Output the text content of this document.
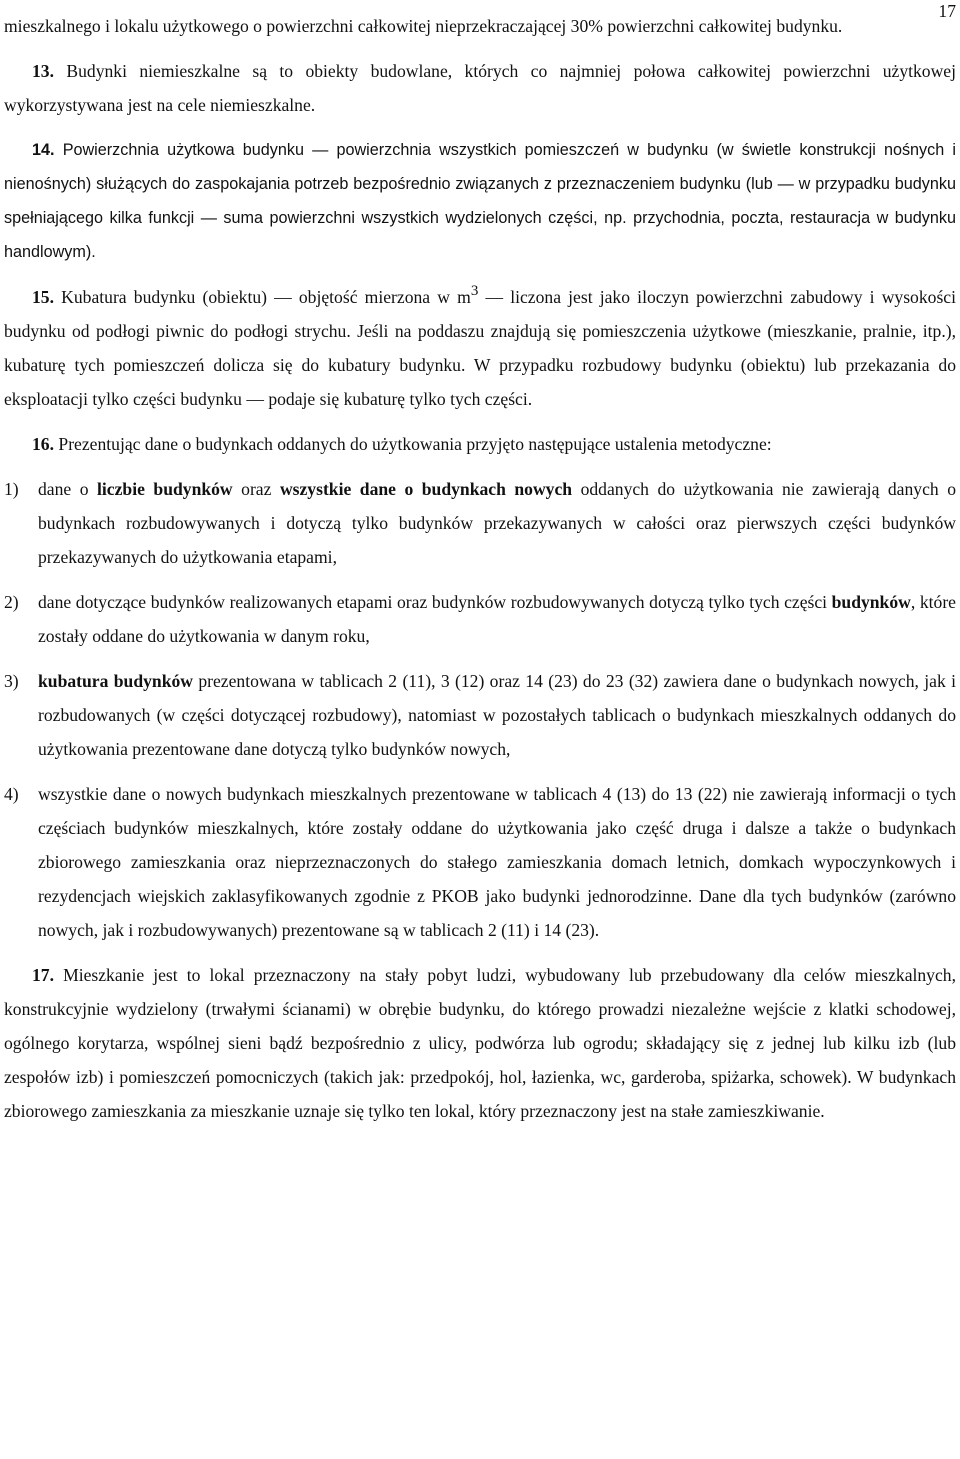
17

mieszkalnego i lokalu użytkowego o powierzchni całkowitej nieprzekraczającej 30% powierzchni całkowitej budynku.

13. Budynki niemieszkalne są to obiekty budowlane, których co najmniej połowa całkowitej powierzchni użytkowej wykorzystywana jest na cele niemieszkalne.

14. Powierzchnia użytkowa budynku — powierzchnia wszystkich pomieszczeń w budynku (w świetle konstrukcji nośnych i nienośnych) służących do zaspokajania potrzeb bezpośrednio związanych z przeznaczeniem budynku (lub — w przypadku budynku spełniającego kilka funkcji — suma powierzchni wszystkich wydzielonych części, np. przychodnia, poczta, restauracja w budynku handlowym).

15. Kubatura budynku (obiektu) — objętość mierzona w $m^3$ — liczona jest jako iloczyn powierzchni zabudowy i wysokości budynku od podłogi piwnic do podłogi strychu. Jeśli na poddaszu znajdują się pomieszczenia użytkowe (mieszkanie, pralnie, itp.), kubaturę tych pomieszczeń dolicza się do kubatury budynku. W przypadku rozbudowy budynku (obiektu) lub przekazania do eksploatacji tylko części budynku — podaje się kubaturę tylko tych części.

16. Prezentując dane o budynkach oddanych do użytkowania przyjęto następujące ustalenia metodyczne:

1) dane o liczbie budynków oraz wszystkie dane o budynkach nowych oddanych do użytkowania nie zawierają danych o budynkach rozbudowywanych i dotyczą tylko budynków przekazywanych w całości oraz pierwszych części budynków przekazywanych do użytkowania etapami,
2) dane dotyczące budynków realizowanych etapami oraz budynków rozbudowywanych dotyczą tylko tych części budynków, które zostały oddane do użytkowania w danym roku,
3) kubatura budynków prezentowana w tablicach 2 (11), 3 (12) oraz 14 (23) do 23 (32) zawiera dane o budynkach nowych, jak i rozbudowanych (w części dotyczącej rozbudowy), natomiast w pozostałych tablicach o budynkach mieszkalnych oddanych do użytkowania prezentowane dane dotyczą tylko budynków nowych,
4) wszystkie dane o nowych budynkach mieszkalnych prezentowane w tablicach 4 (13) do 13 (22) nie zawierają informacji o tych częściach budynków mieszkalnych, które zostały oddane do użytkowania jako część druga i dalsze a także o budynkach zbiorowego zamieszkania oraz nieprzeznaczonych do stałego zamieszkania domach letnich, domkach wypoczynkowych i rezydencjach wiejskich zaklasyfikowanych zgodnie z PKOB jako budynki jednorodzinne. Dane dla tych budynków (zarówno nowych, jak i rozbudowywanych) prezentowane są w tablicach 2 (11) i 14 (23).

17. Mieszkanie jest to lokal przeznaczony na stały pobyt ludzi, wybudowany lub przebudowany dla celów mieszkalnych, konstrukcyjnie wydzielony (trwałymi ścianami) w obrębie budynku, do którego prowadzi niezależne wejście z klatki schodowej, ogólnego korytarza, wspólnej sieni bądź bezpośrednio z ulicy, podwórza lub ogrodu; składający się z jednej lub kilku izb (lub zespołów izb) i pomieszczeń pomocniczych (takich jak: przedpokój, hol, łazienka, wc, garderoba, spiżarka, schowek). W budynkach zbiorowego zamieszkania za mieszkanie uznaje się tylko ten lokal, który przeznaczony jest na stałe zamieszkiwanie.
